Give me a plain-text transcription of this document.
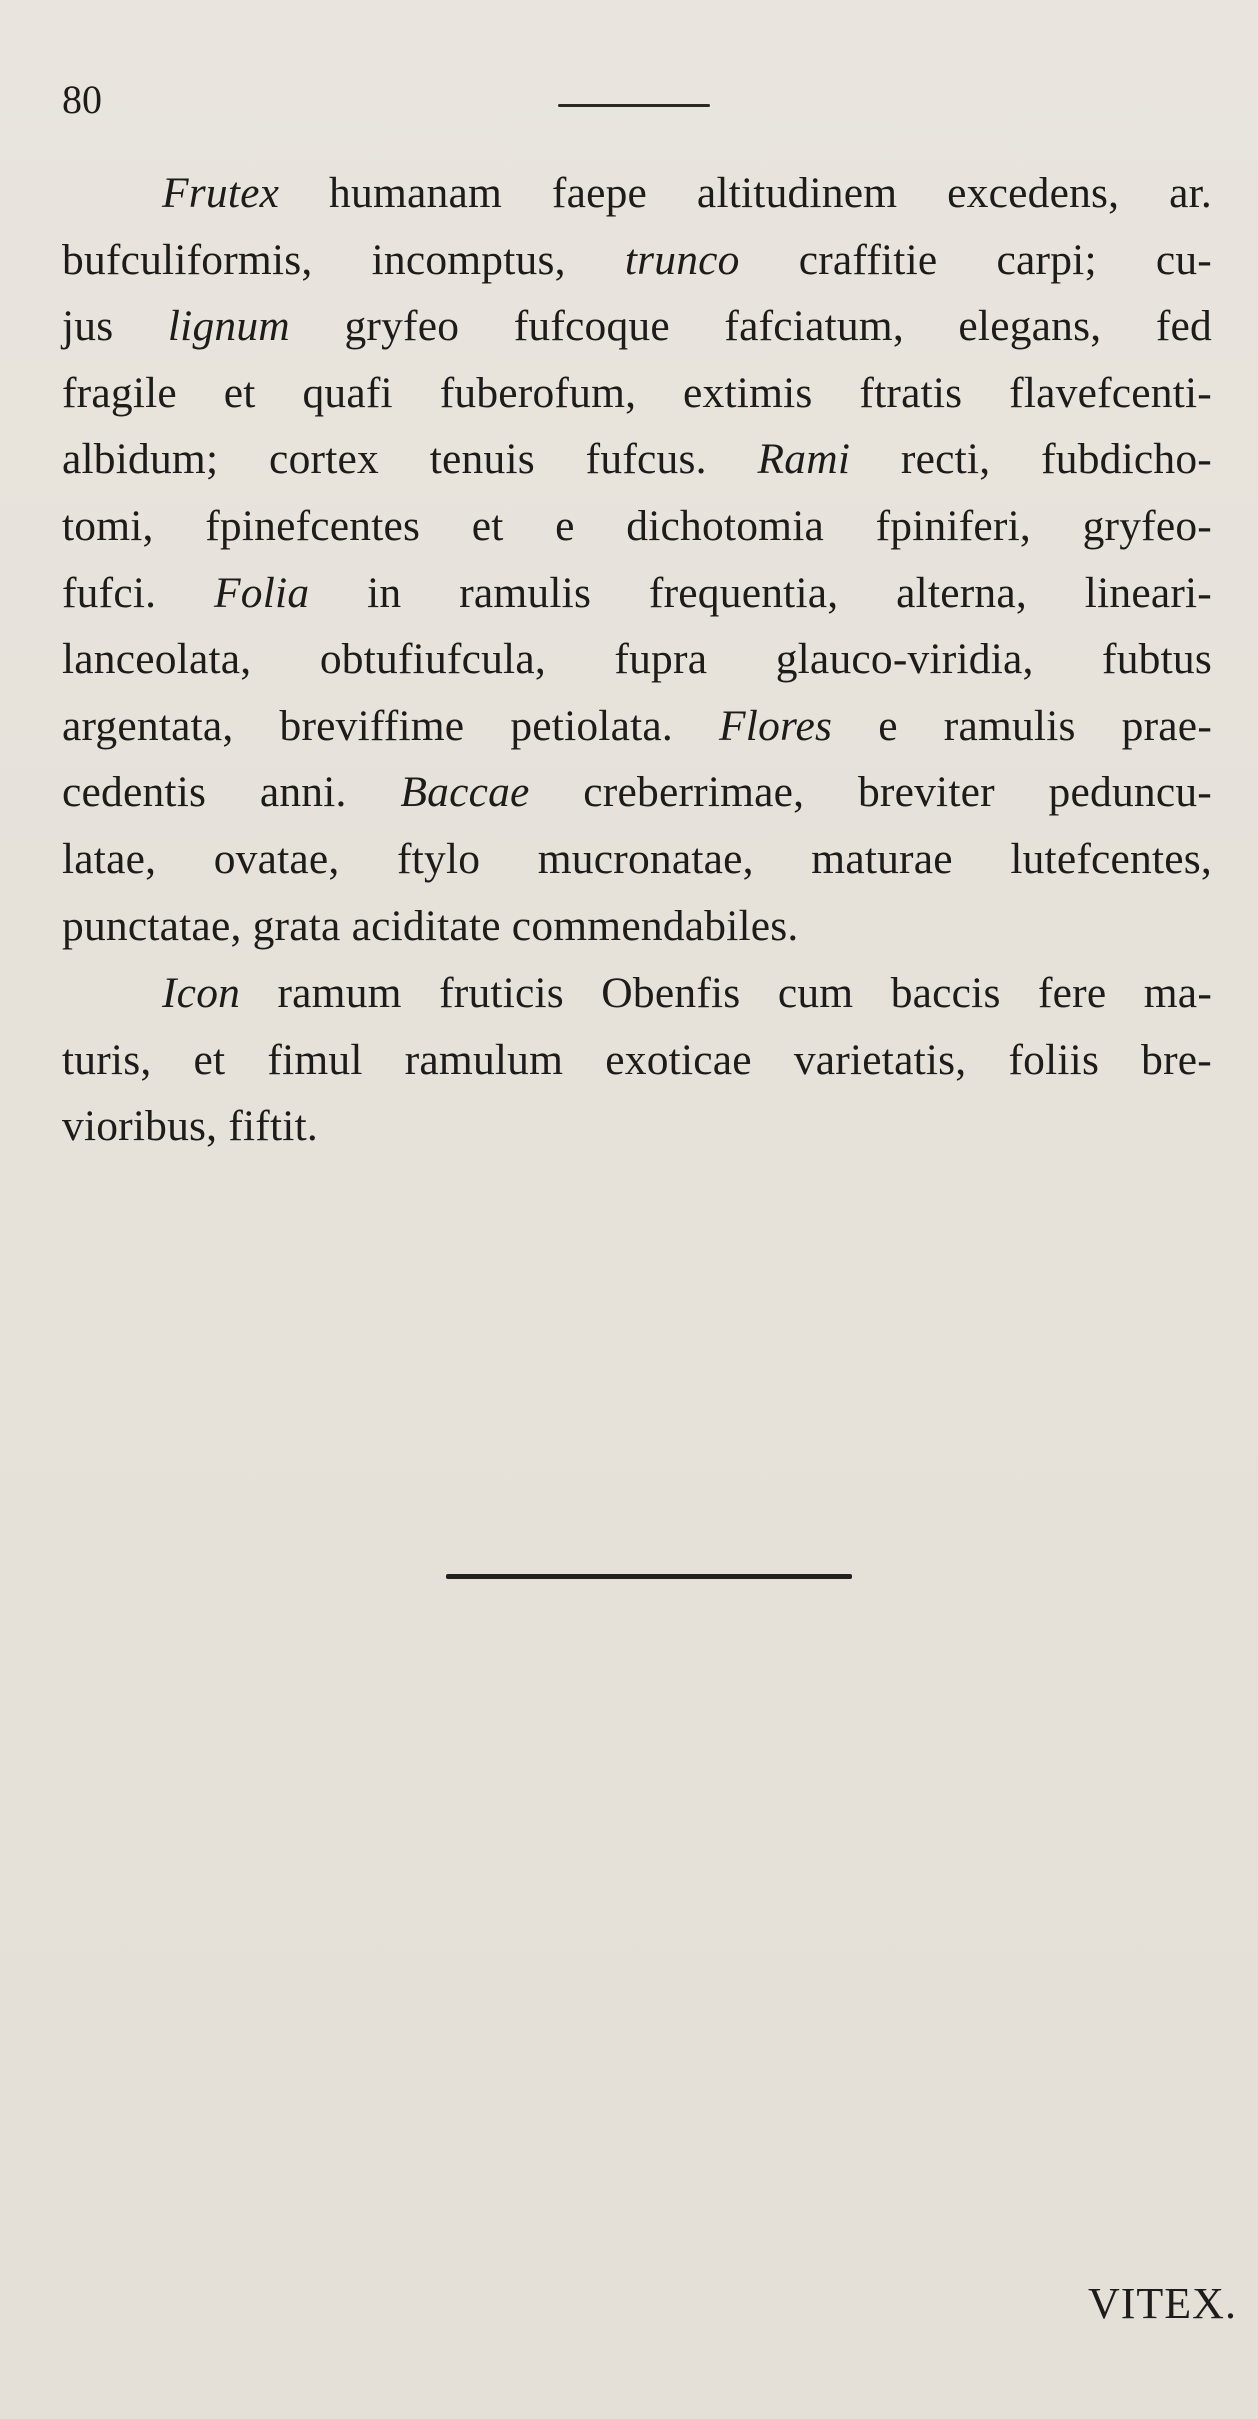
80
Frutex humanam faepe altitudinem excedens, ar.
bufculiformis, incomptus, trunco craffitie carpi; cu-
jus lignum gryfeo fufcoque fafciatum, elegans, fed
fragile et quafi fuberofum, extimis ftratis flavefcenti-
albidum; cortex tenuis fufcus. Rami recti, fubdicho-
tomi, fpinefcentes et e dichotomia fpiniferi, gryfeo-
fufci. Folia in ramulis frequentia, alterna, lineari-
lanceolata, obtufiufcula, fupra glauco-viridia, fubtus
argentata, breviffime petiolata. Flores e ramulis prae-
cedentis anni. Baccae creberrimae, breviter peduncu-
latae, ovatae, ftylo mucronatae, maturae lutefcentes,
punctatae, grata aciditate commendabiles.
Icon ramum fruticis Obenfis cum baccis fere ma-
turis, et fimul ramulum exoticae varietatis, foliis bre-
vioribus, fiftit.
VITEX.
